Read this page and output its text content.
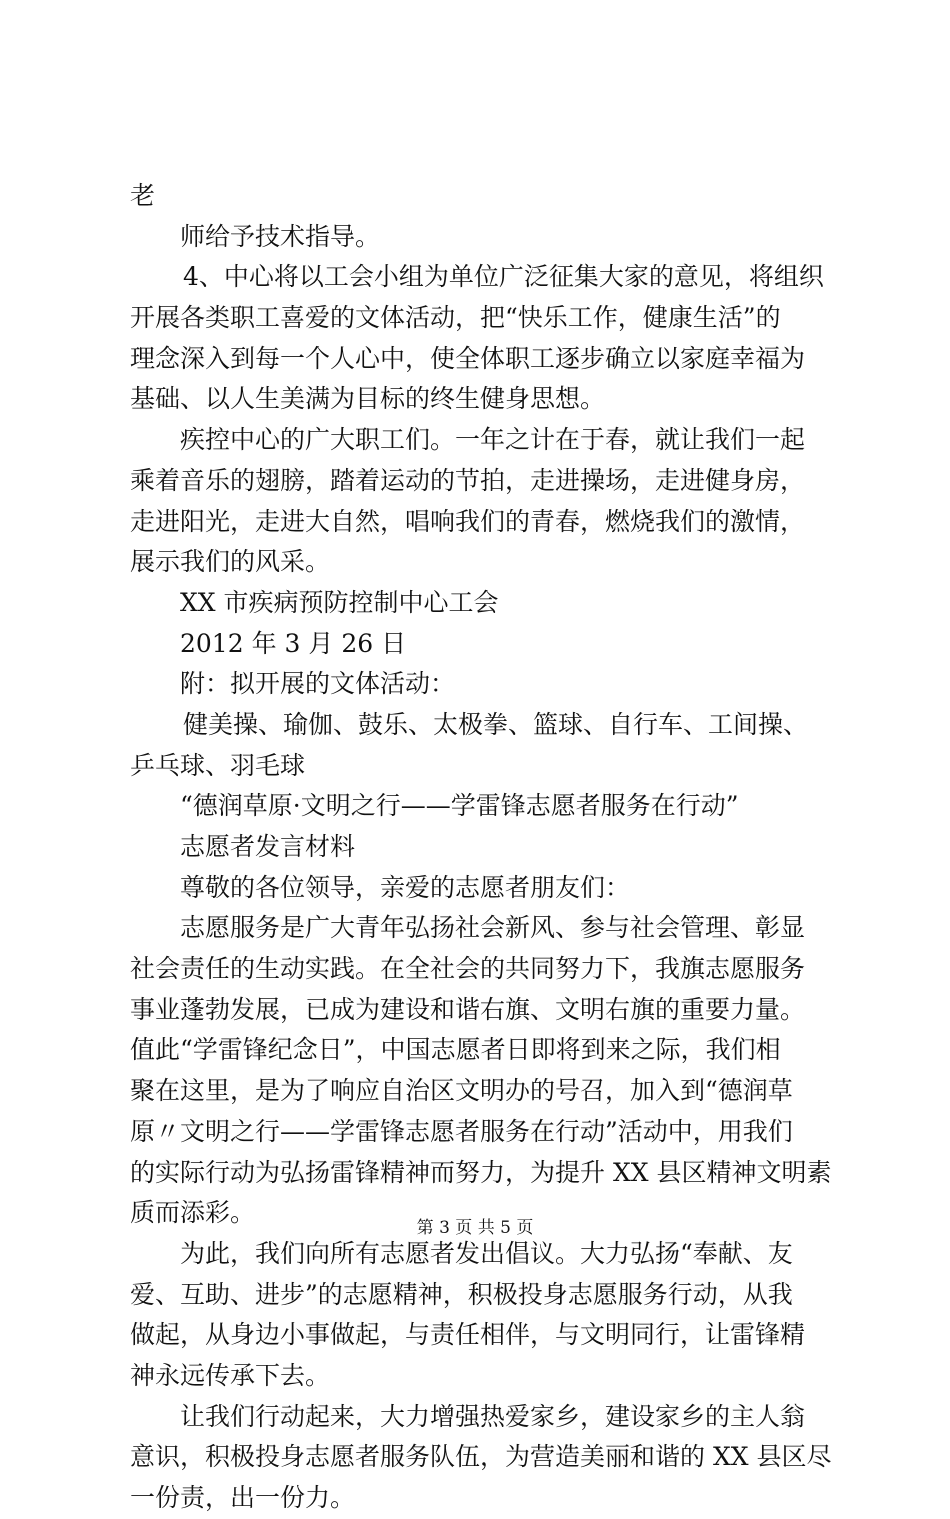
老
师给予技术指导。
4、中心将以工会小组为单位广泛征集大家的意见，将组织
开展各类职工喜爱的文体活动，把“快乐工作，健康生活”的
理念深入到每一个人心中，使全体职工逐步确立以家庭幸福为
基础、以人生美满为目标的终生健身思想。
疾控中心的广大职工们。一年之计在于春，就让我们一起
乘着音乐的翅膀，踏着运动的节拍，走进操场，走进健身房，
走进阳光，走进大自然，唱响我们的青春，燃烧我们的激情，
展示我们的风采。
XX 市疾病预防控制中心工会
2012 年 3 月 26 日
附：拟开展的文体活动：
健美操、瑜伽、鼓乐、太极拳、篮球、自行车、工间操、
乒乓球、羽毛球
“德润草原·文明之行——学雷锋志愿者服务在行动”
志愿者发言材料
尊敬的各位领导，亲爱的志愿者朋友们：
志愿服务是广大青年弘扬社会新风、参与社会管理、彰显
社会责任的生动实践。在全社会的共同努力下，我旗志愿服务
事业蓬勃发展，已成为建设和谐右旗、文明右旗的重要力量。
值此“学雷锋纪念日”，中国志愿者日即将到来之际，我们相
聚在这里，是为了响应自治区文明办的号召，加入到“德润草
原〃文明之行——学雷锋志愿者服务在行动”活动中，用我们
的实际行动为弘扬雷锋精神而努力，为提升 XX 县区精神文明素
质而添彩。
为此，我们向所有志愿者发出倡议。大力弘扬“奉献、友
爱、互助、进步”的志愿精神，积极投身志愿服务行动，从我
做起，从身边小事做起，与责任相伴，与文明同行，让雷锋精
神永远传承下去。
让我们行动起来，大力增强热爱家乡，建设家乡的主人翁
意识，积极投身志愿者服务队伍，为营造美丽和谐的 XX 县区尽
一份责，出一份力。
第 3 页 共 5 页
